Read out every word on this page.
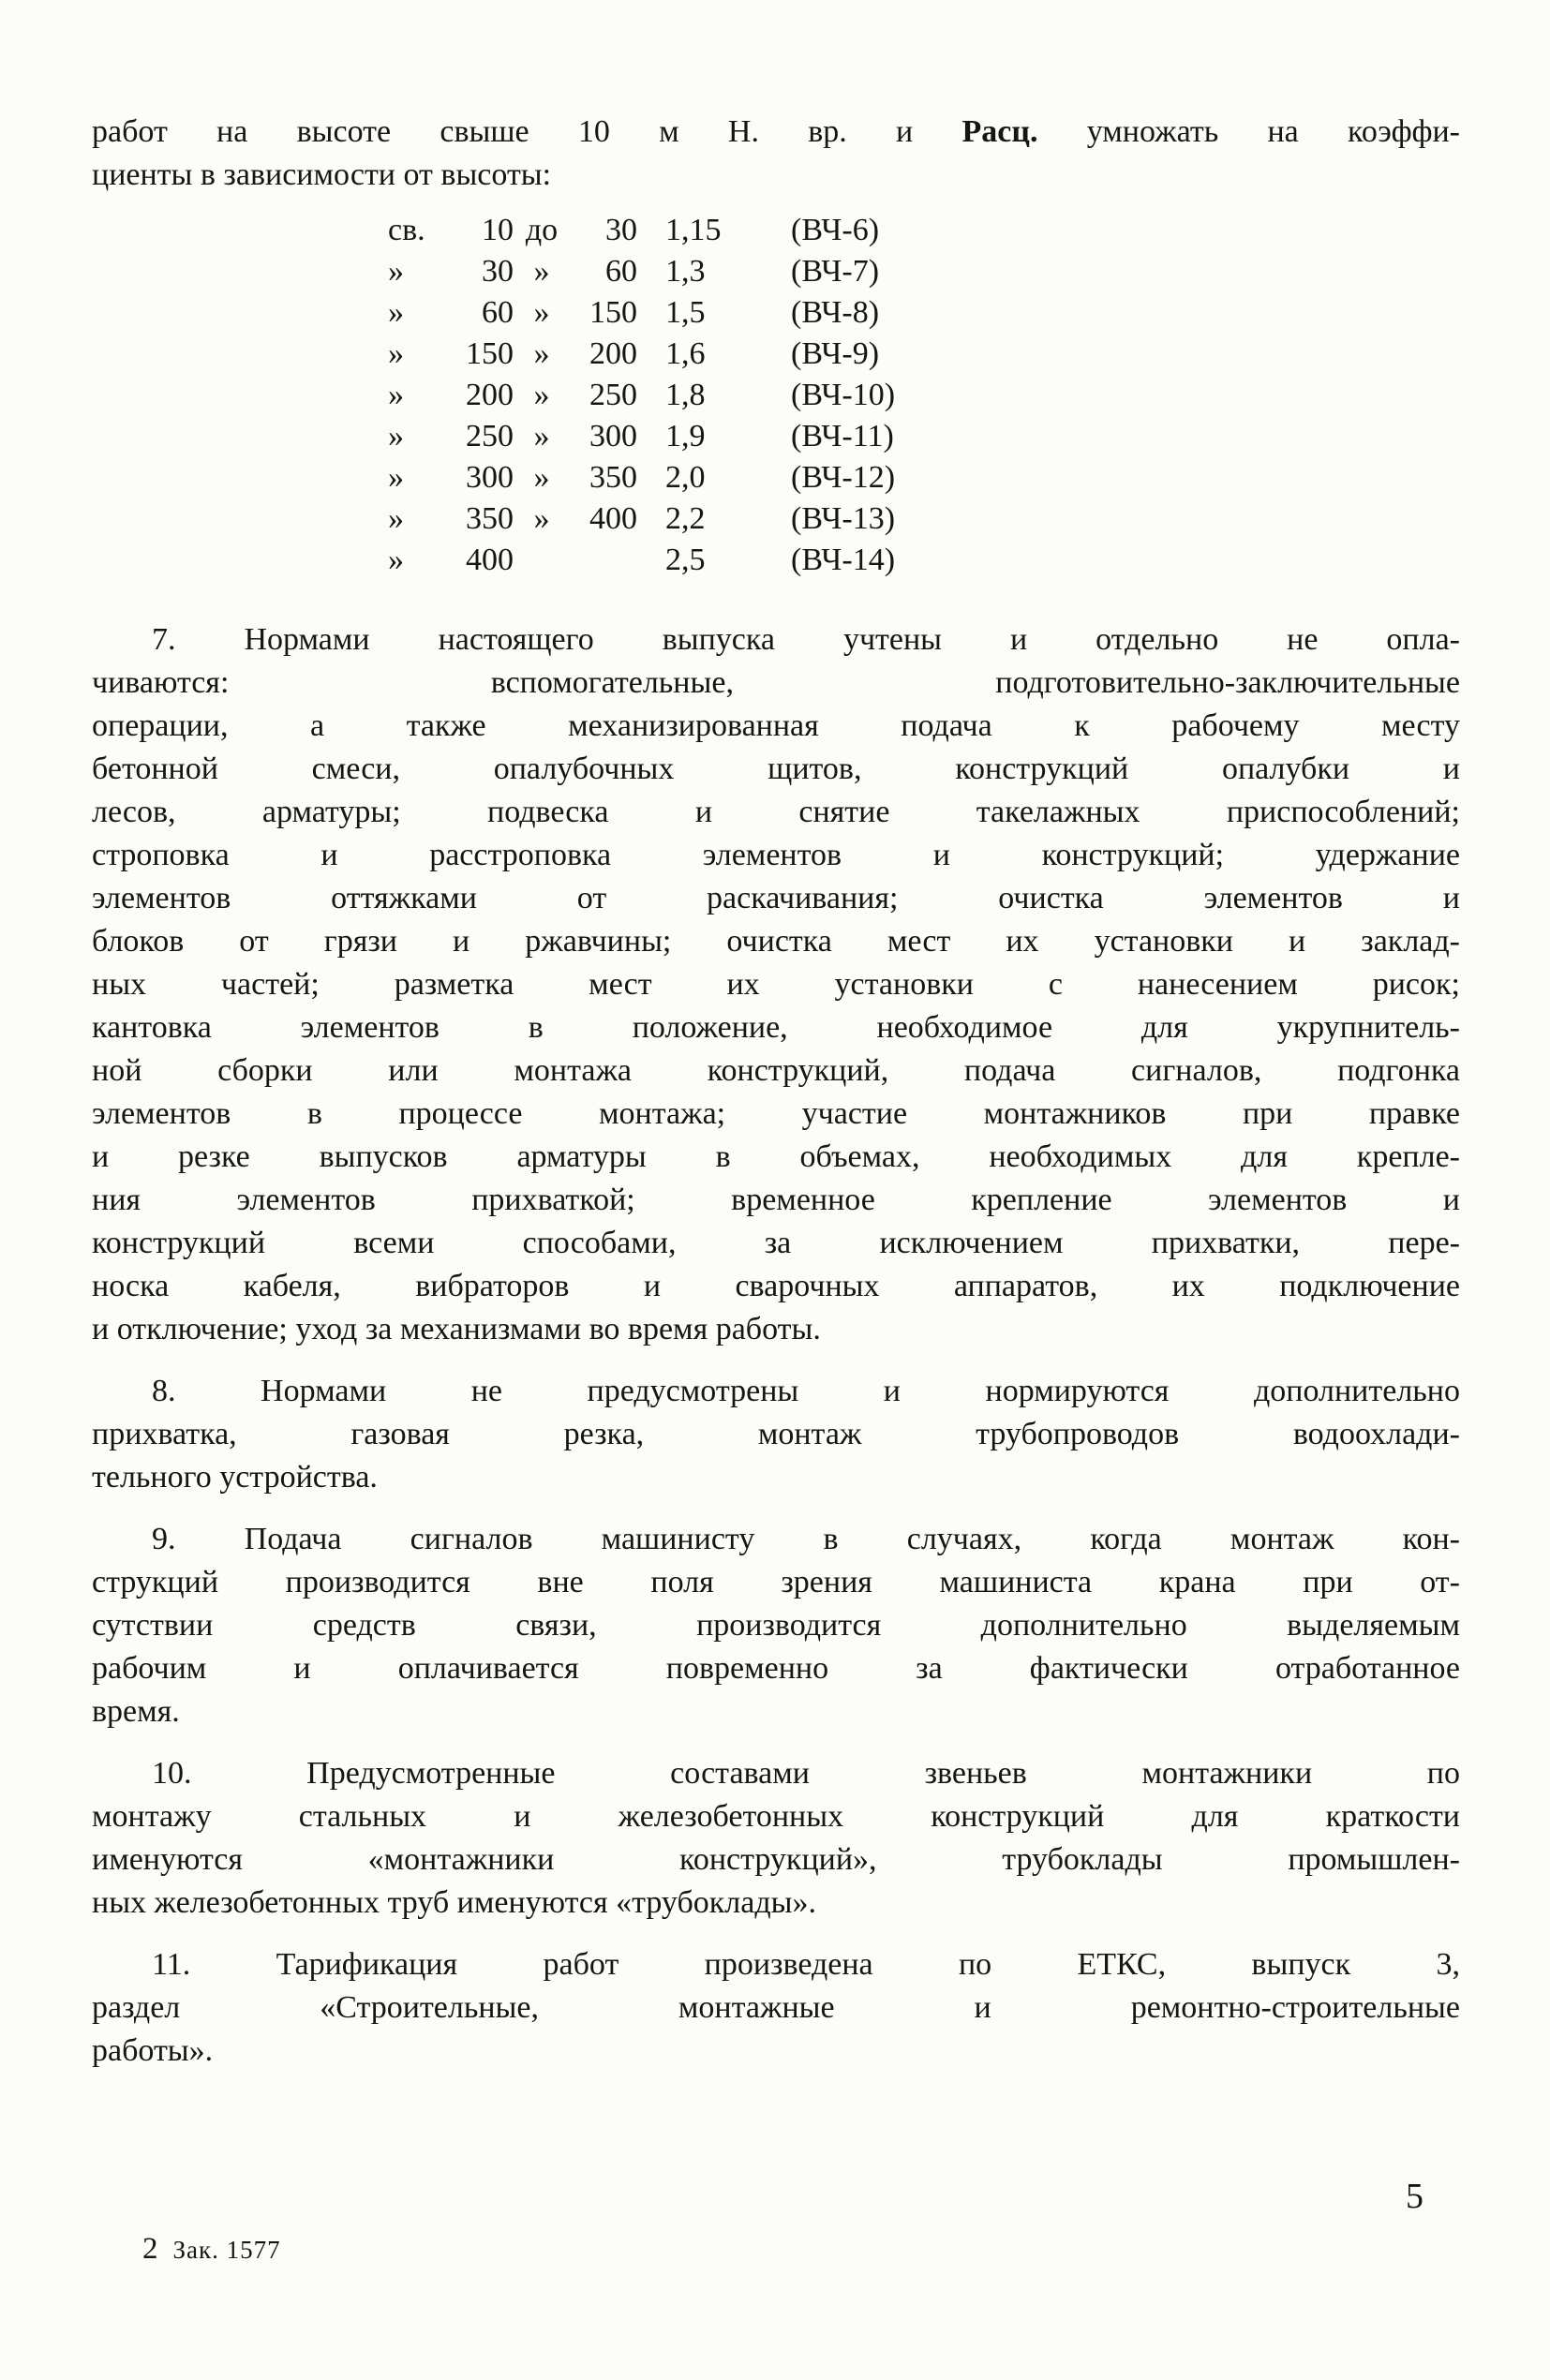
работ на высоте свыше 10 м Н. вр. и Расц. умножать на коэффи-
циенты в зависимости от высоты:
св.	10 до	30 1,15	(ВЧ-6)
»	30 »	60 1,3	(ВЧ-7)
»	60 »	150 1,5	(ВЧ-8)
»	150 »	200 1,6	(ВЧ-9)
»	200 »	250 1,8	(ВЧ-10)
»	250 »	300 1,9	(ВЧ-11)
»	300 »	350 2,0	(ВЧ-12)
»	350 »	400 2,2	(ВЧ-13)
»	400	2,5	(ВЧ-14)
7. Нормами настоящего выпуска учтены и отдельно не опла-
чиваются: вспомогательные, подготовительно-заключительные
операции, а также механизированная подача к рабочему месту
бетонной смеси, опалубочных щитов, конструкций опалубки и
лесов, арматуры; подвеска и снятие такелажных приспособлений;
строповка и расстроповка элементов и конструкций; удержание
элементов оттяжками от раскачивания; очистка элементов и
блоков от грязи и ржавчины; очистка мест их установки и заклад-
ных частей; разметка мест их установки с нанесением рисок;
кантовка элементов в положение, необходимое для укрупнитель-
ной сборки или монтажа конструкций, подача сигналов, подгонка
элементов в процессе монтажа; участие монтажников при правке
и резке выпусков арматуры в объемах, необходимых для крепле-
ния элементов прихваткой; временное крепление элементов и
конструкций всеми способами, за исключением прихватки, пере-
носка кабеля, вибраторов и сварочных аппаратов, их подключение
и отключение; уход за механизмами во время работы.
8. Нормами не предусмотрены и нормируются дополнительно
прихватка, газовая резка, монтаж трубопроводов водоохлади-
тельного устройства.
9. Подача сигналов машинисту в случаях, когда монтаж кон-
струкций производится вне поля зрения машиниста крана при от-
сутствии средств связи, производится дополнительно выделяемым
рабочим и оплачивается повременно за фактически отработанное
время.
10. Предусмотренные составами звеньев монтажники по
монтажу стальных и железобетонных конструкций для краткости
именуются «монтажники конструкций», трубоклады промышлен-
ных железобетонных труб именуются «трубоклады».
11. Тарификация работ произведена по ЕТКС, выпуск 3,
раздел «Строительные, монтажные и ремонтно-строительные
работы».
2 Зак. 1577
5
